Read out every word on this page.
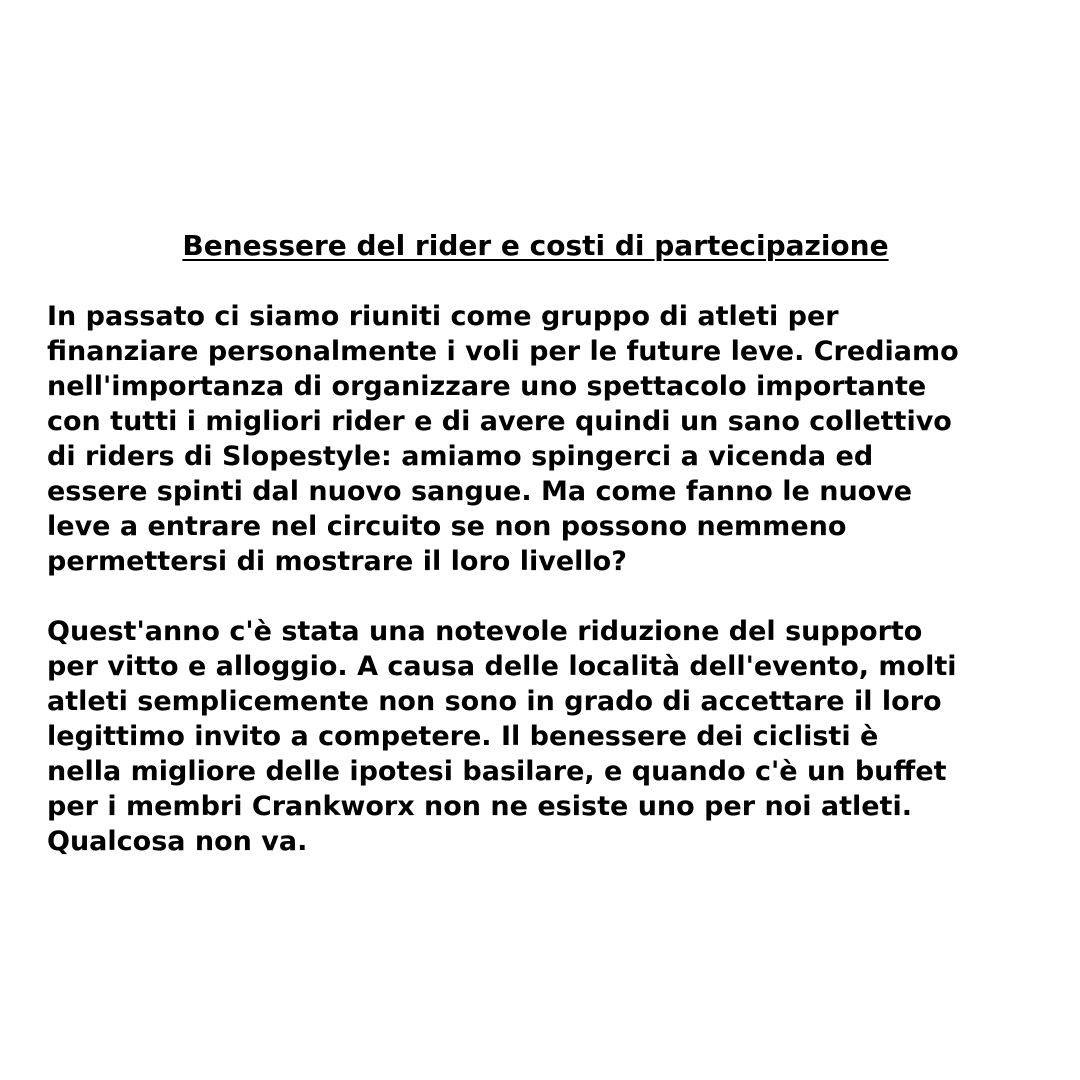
Benessere del rider e costi di partecipazione

In passato ci siamo riuniti come gruppo di atleti per
finanziare personalmente i voli per le future leve. Crediamo
nell'importanza di organizzare uno spettacolo importante
con tutti i migliori rider e di avere quindi un sano collettivo
di riders di Slopestyle: amiamo spingerci a vicenda ed
essere spinti dal nuovo sangue. Ma come fanno le nuove
leve a entrare nel circuito se non possono nemmeno
permettersi di mostrare il loro livello?

Quest'anno c'è stata una notevole riduzione del supporto
per vitto e alloggio. A causa delle località dell'evento, molti
atleti semplicemente non sono in grado di accettare il loro
legittimo invito a competere. Il benessere dei ciclisti è
nella migliore delle ipotesi basilare, e quando c'è un buffet
per i membri Crankworx non ne esiste uno per noi atleti.
Qualcosa non va.
